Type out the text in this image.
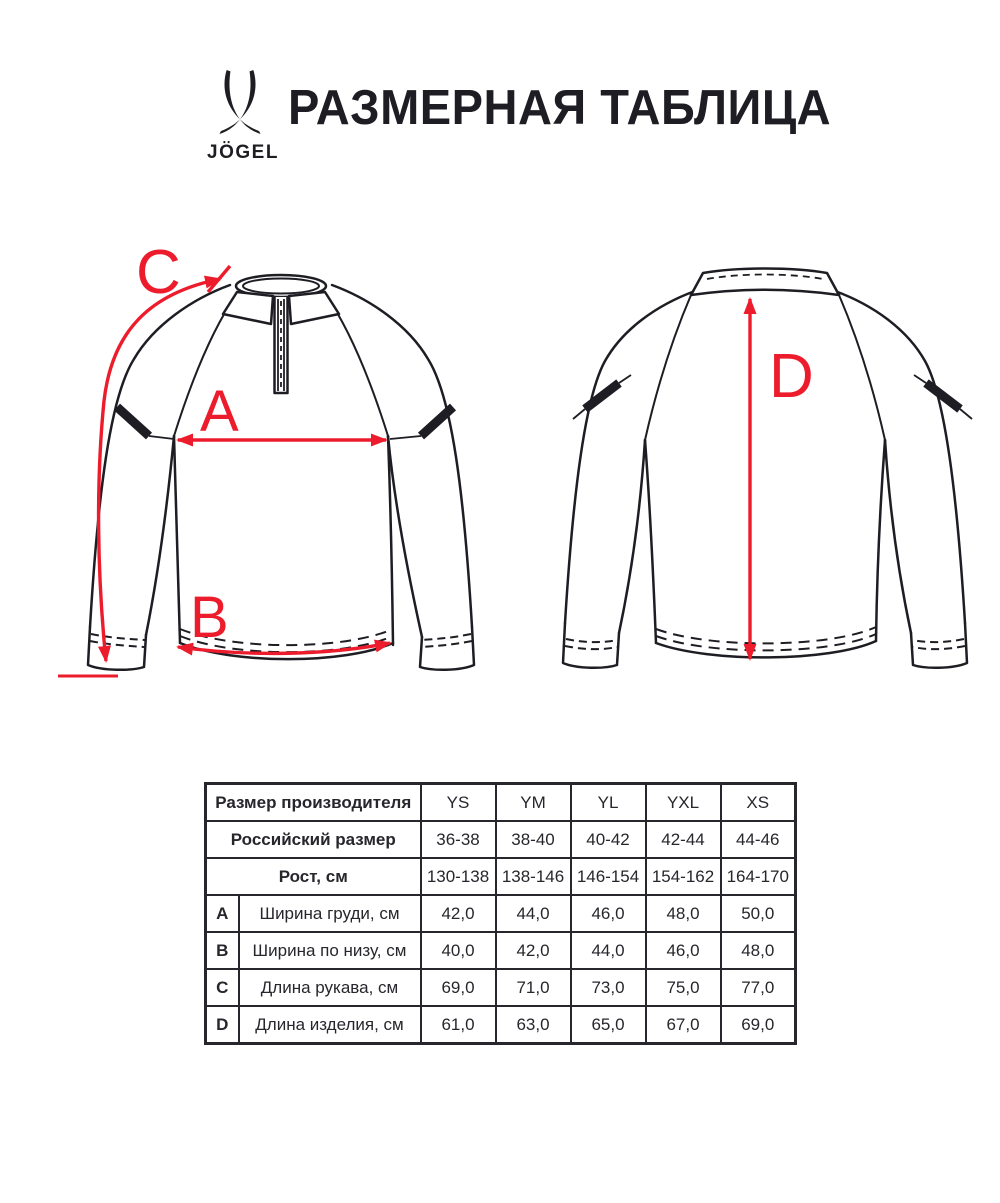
JÖGEL
РАЗМЕРНАЯ ТАБЛИЦА
A
B
C
D
Размер производителя		YS	YM	YL	YXL	XS
Российский размер		36-38	38-40	40-42	42-44	44-46
Рост, см		130-138	138-146	146-154	154-162	164-170
A	Ширина груди, см	42,0	44,0	46,0	48,0	50,0
B	Ширина по низу, см	40,0	42,0	44,0	46,0	48,0
C	Длина рукава, см	69,0	71,0	73,0	75,0	77,0
D	Длина изделия, см	61,0	63,0	65,0	67,0	69,0
